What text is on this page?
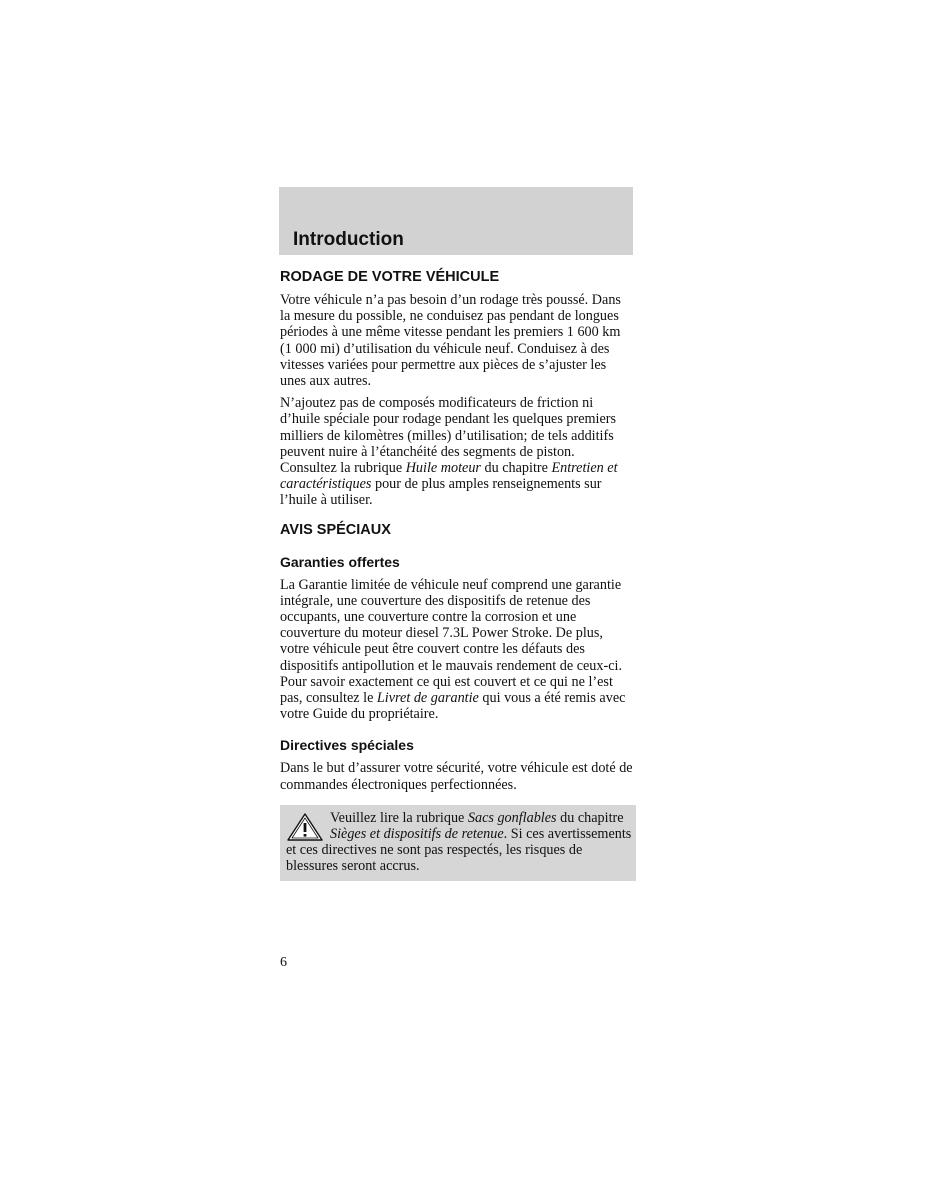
Introduction
RODAGE DE VOTRE VÉHICULE

Votre véhicule n’a pas besoin d’un rodage très poussé. Dans la mesure du possible, ne conduisez pas pendant de longues périodes à une même vitesse pendant les premiers 1 600 km (1 000 mi) d’utilisation du véhicule neuf. Conduisez à des vitesses variées pour permettre aux pièces de s’ajuster les unes aux autres.

N’ajoutez pas de composés modificateurs de friction ni d’huile spéciale pour rodage pendant les quelques premiers milliers de kilomètres (milles) d’utilisation; de tels additifs peuvent nuire à l’étanchéité des segments de piston. Consultez la rubrique Huile moteur du chapitre Entretien et caractéristiques pour de plus amples renseignements sur l’huile à utiliser.

AVIS SPÉCIAUX
Garanties offertes

La Garantie limitée de véhicule neuf comprend une garantie intégrale, une couverture des dispositifs de retenue des occupants, une couverture contre la corrosion et une couverture du moteur diesel 7.3L Power Stroke. De plus, votre véhicule peut être couvert contre les défauts des dispositifs antipollution et le mauvais rendement de ceux-ci. Pour savoir exactement ce qui est couvert et ce qui ne l’est pas, consultez le Livret de garantie qui vous a été remis avec votre Guide du propriétaire.

Directives spéciales

Dans le but d’assurer votre sécurité, votre véhicule est doté de commandes électroniques perfectionnées.

Veuillez lire la rubrique Sacs gonflables du chapitre Sièges et dispositifs de retenue. Si ces avertissements et ces directives ne sont pas respectés, les risques de blessures seront accrus.
6
